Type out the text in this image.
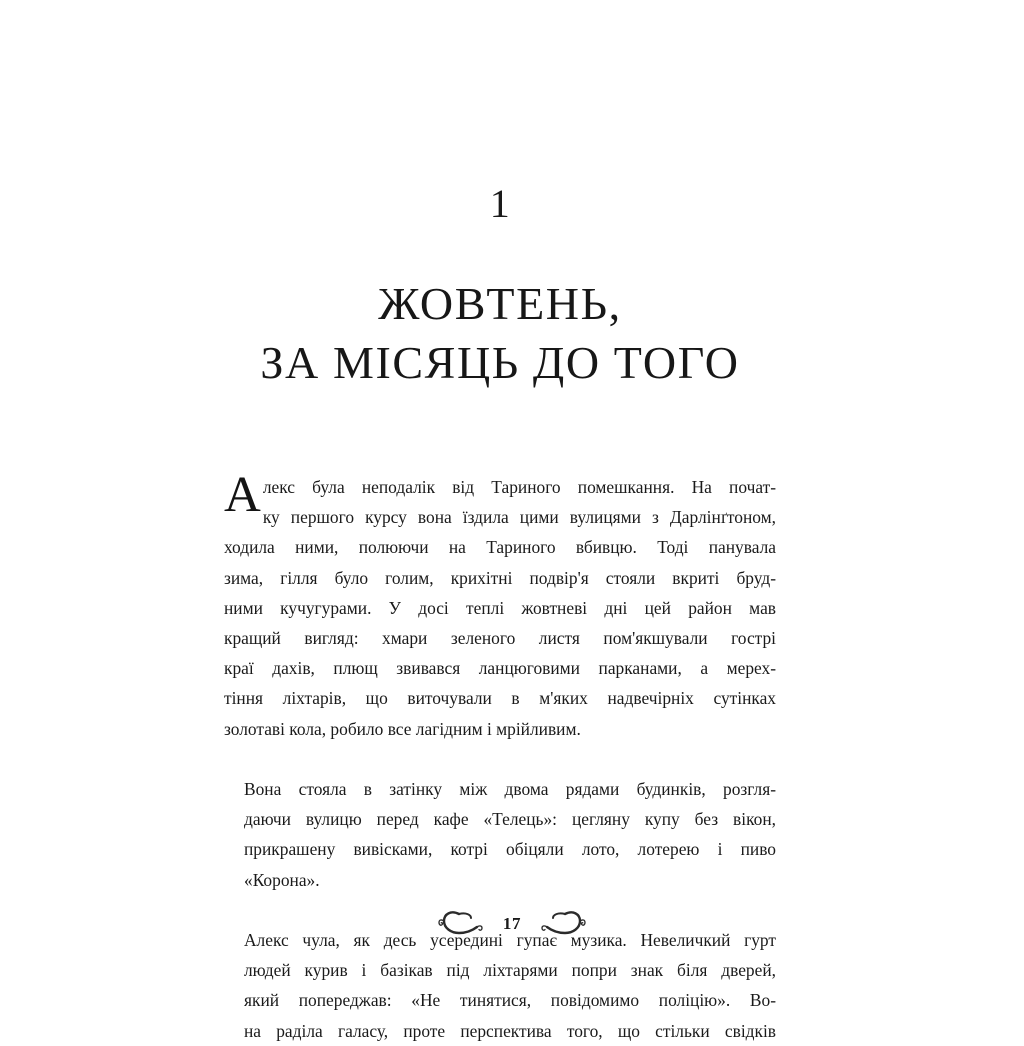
1
ЖОВТЕНЬ,
ЗА МІСЯЦЬ ДО ТОГО

А лекс була неподалік від Тариного помешкання. На почат-
ку першого курсу вона їздила цими вулицями з Дарлінґтоном,
ходила ними, полюючи на Тариного вбивцю. Тоді панувала
зима, гілля було голим, крихітні подвір'я стояли вкриті бруд-
ними кучугурами. У досі теплі жовтневі дні цей район мав
кращий вигляд: хмари зеленого листя пом'якшували гострі
краї дахів, плющ звивався ланцюговими парканами, а мерех-
тіння ліхтарів, що виточували в м'яких надвечірніх сутінках
золотаві кола, робило все лагідним і мрійливим.

Вона стояла в затінку між двома рядами будинків, розгля-
даючи вулицю перед кафе «Телець»: цегляну купу без вікон,
прикрашену вивісками, котрі обіцяли лото, лотерею і пиво
«Корона».

Алекс чула, як десь усередині гупає музика. Невеличкий гурт
людей курив і базікав під ліхтарями попри знак біля дверей,
який попереджав: «Не тинятися, повідомимо поліцію». Во-
на раділа галасу, проте перспектива того, що стільки свідків

17
